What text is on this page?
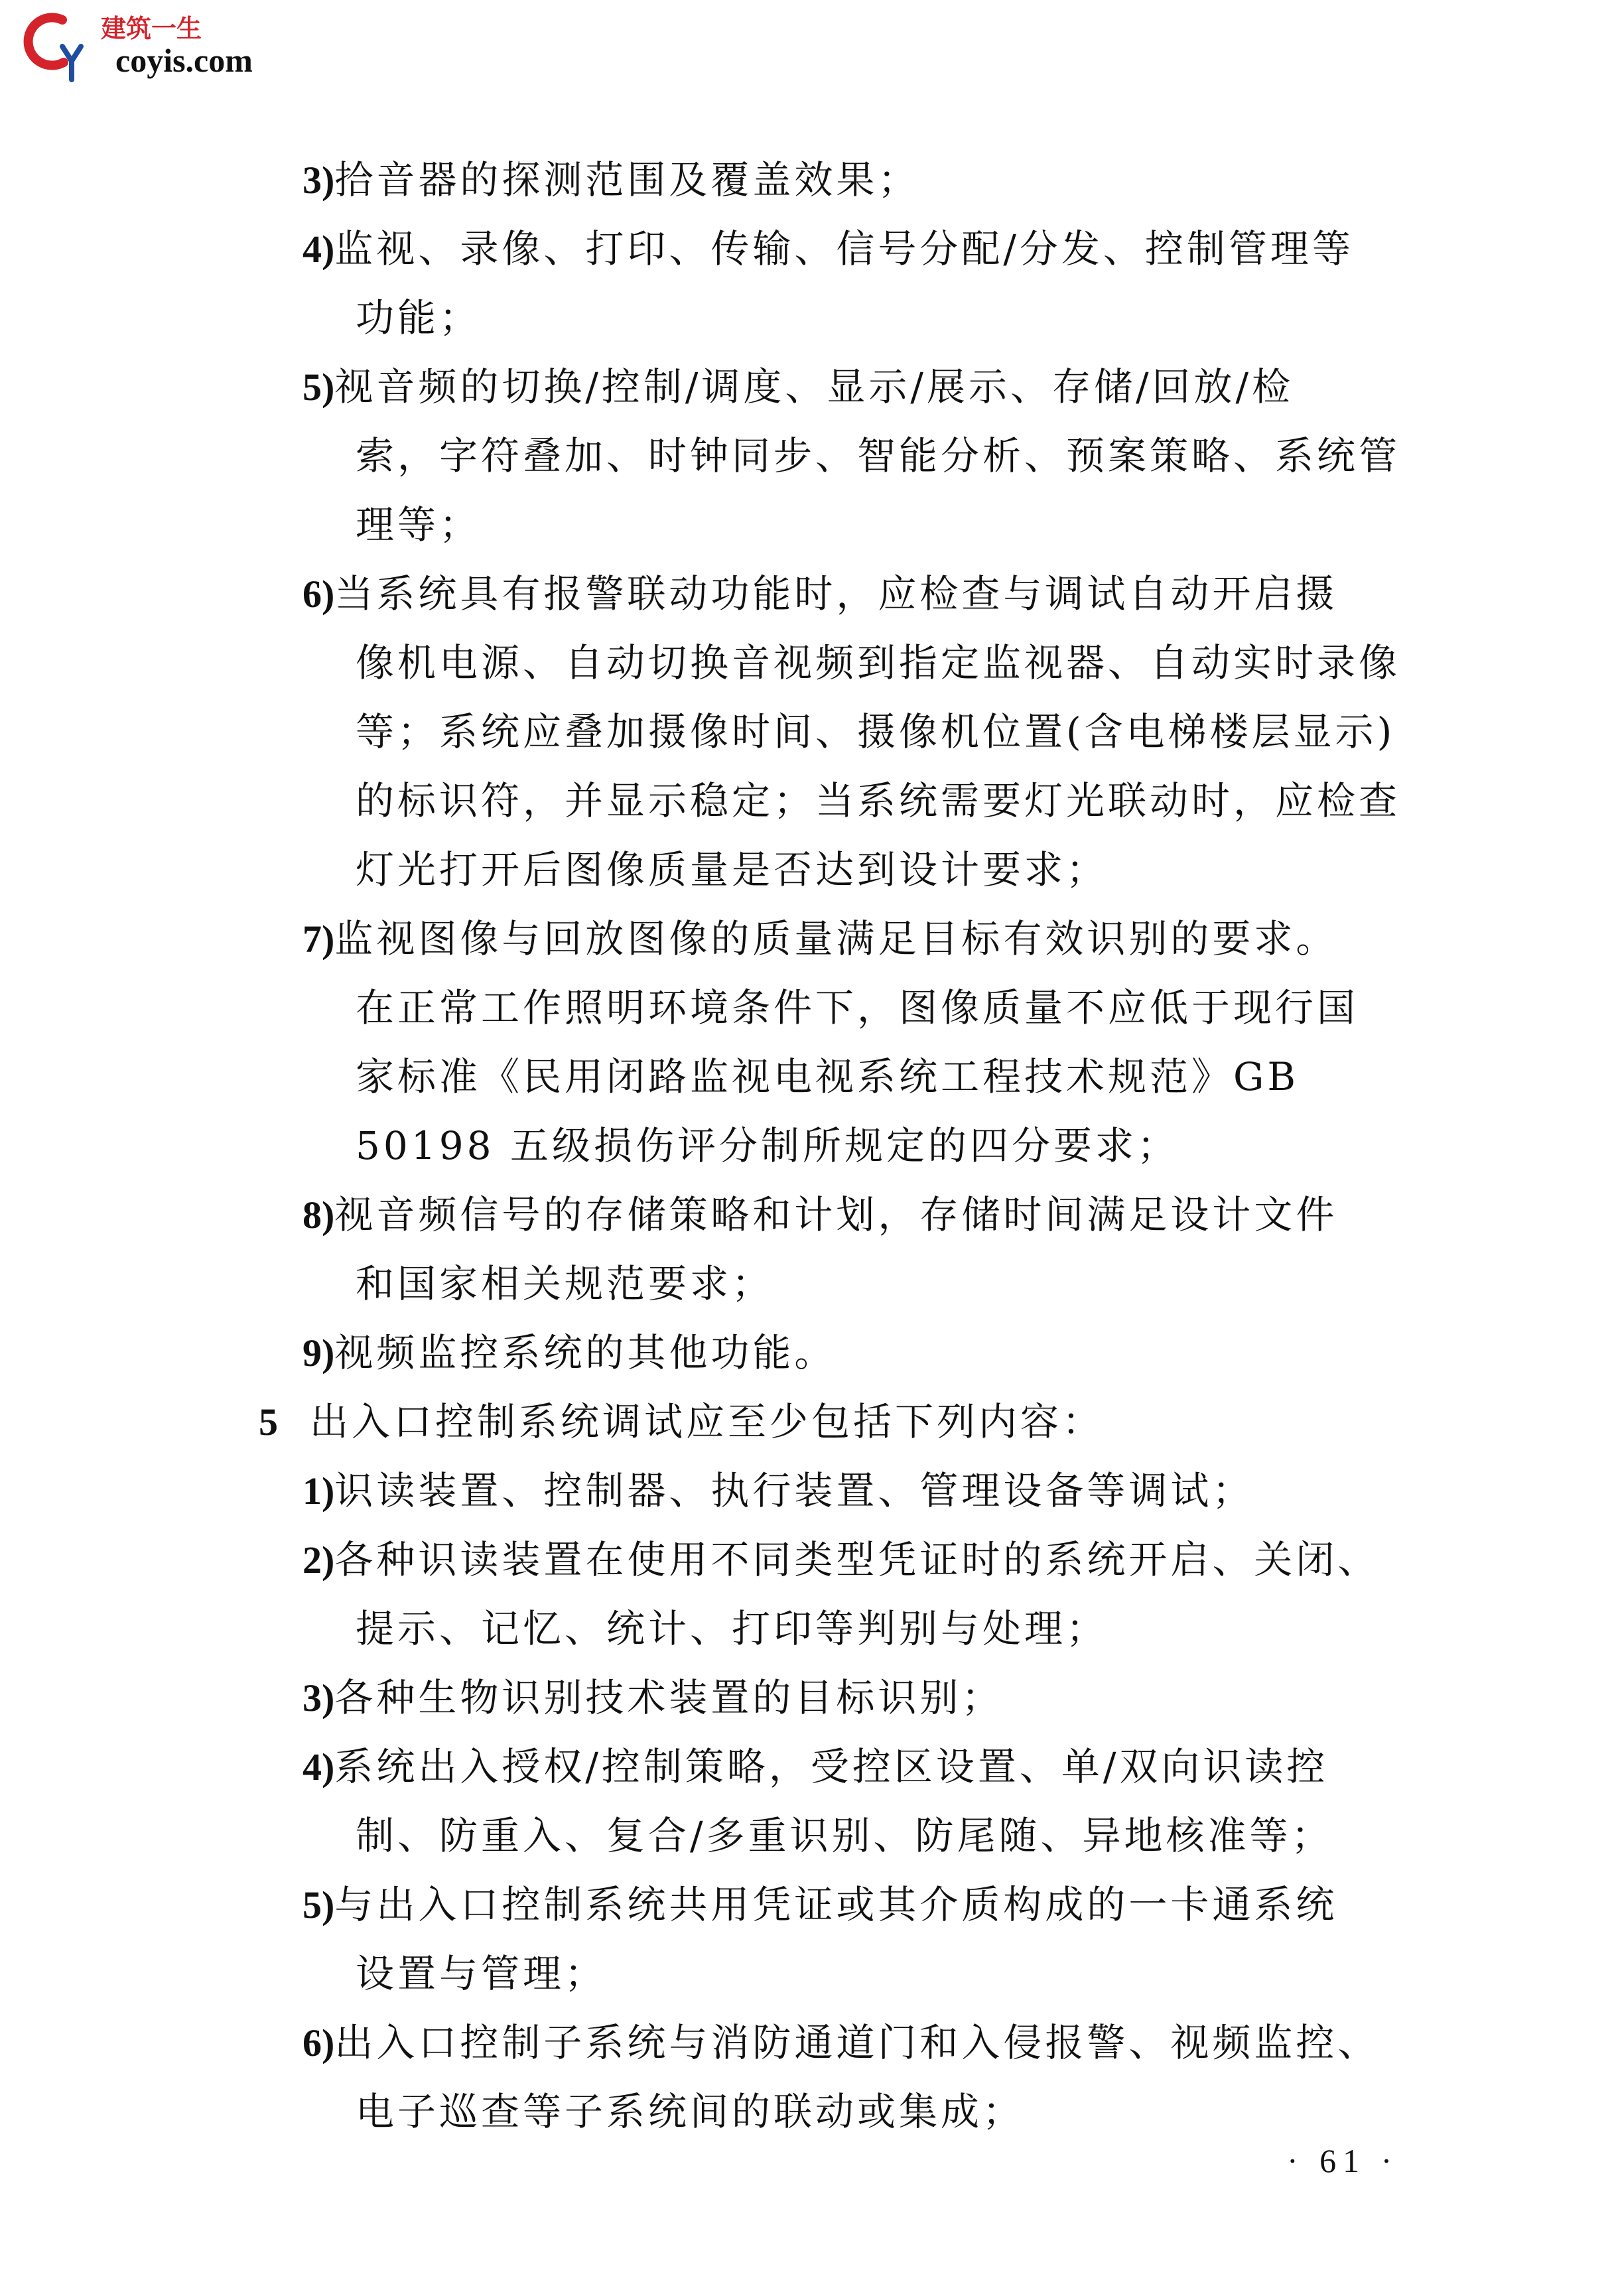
建筑一生
coyis.com
3)拾音器的探测范围及覆盖效果；
4)监视、录像、打印、传输、信号分配/分发、控制管理等
功能；
5)视音频的切换/控制/调度、显示/展示、存储/回放/检
索，字符叠加、时钟同步、智能分析、预案策略、系统管
理等；
6)当系统具有报警联动功能时，应检查与调试自动开启摄
像机电源、自动切换音视频到指定监视器、自动实时录像
等；系统应叠加摄像时间、摄像机位置(含电梯楼层显示)
的标识符，并显示稳定；当系统需要灯光联动时，应检查
灯光打开后图像质量是否达到设计要求；
7)监视图像与回放图像的质量满足目标有效识别的要求。
在正常工作照明环境条件下，图像质量不应低于现行国
家标准《民用闭路监视电视系统工程技术规范》GB
50198 五级损伤评分制所规定的四分要求；
8)视音频信号的存储策略和计划，存储时间满足设计文件
和国家相关规范要求；
9)视频监控系统的其他功能。
5 出入口控制系统调试应至少包括下列内容：
1)识读装置、控制器、执行装置、管理设备等调试；
2)各种识读装置在使用不同类型凭证时的系统开启、关闭、
提示、记忆、统计、打印等判别与处理；
3)各种生物识别技术装置的目标识别；
4)系统出入授权/控制策略，受控区设置、单/双向识读控
制、防重入、复合/多重识别、防尾随、异地核准等；
5)与出入口控制系统共用凭证或其介质构成的一卡通系统
设置与管理；
6)出入口控制子系统与消防通道门和入侵报警、视频监控、
电子巡查等子系统间的联动或集成；
· 61 ·
